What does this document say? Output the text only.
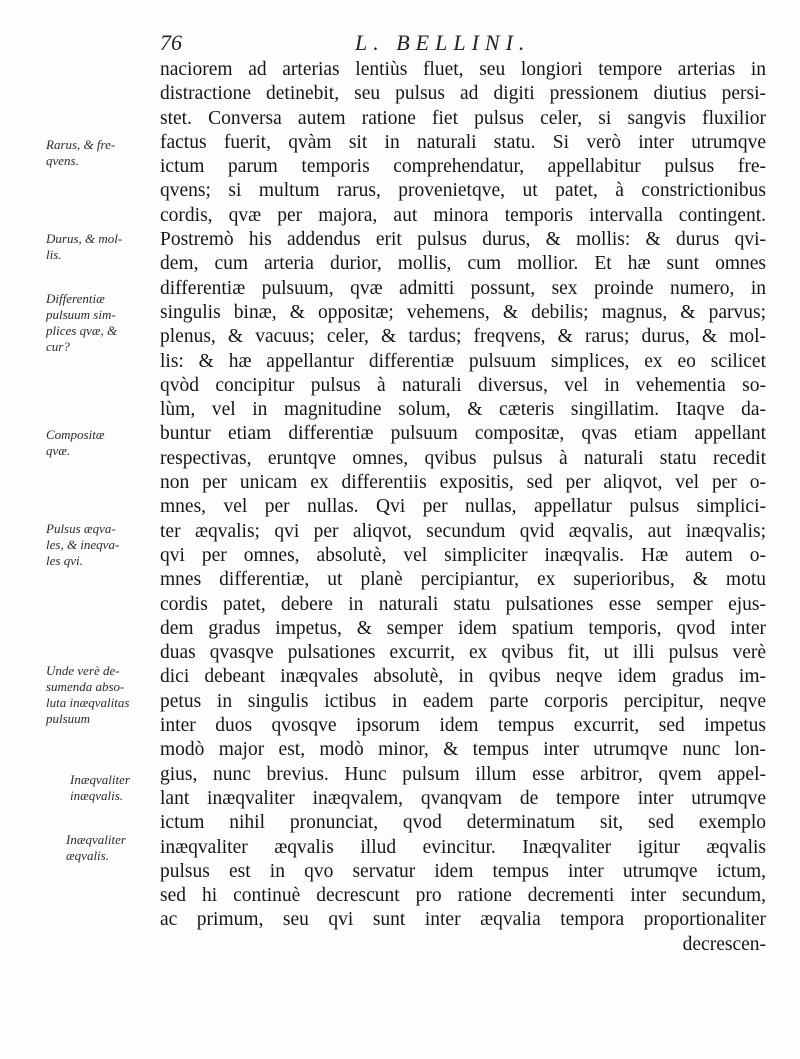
76	L. BELLINI.
naciorem ad arterias lentiùs fluet, seu longiori tempore arterias in
distractione detinebit, seu pulsus ad digiti pressionem diutius persi-
stet. Conversa autem ratione fiet pulsus celer, si sangvis fluxilior
factus fuerit, qvàm sit in naturali statu. Si verò inter utrumqve
ictum parum temporis comprehendatur, appellabitur pulsus fre-
qvens; si multum rarus, provenietqve, ut patet, à constrictionibus
cordis, qvæ per majora, aut minora temporis intervalla contingent.
Postremò his addendus erit pulsus durus, & mollis: & durus qvi-
dem, cum arteria durior, mollis, cum mollior. Et hæ sunt omnes
differentiæ pulsuum, qvæ admitti possunt, sex proinde numero, in
singulis binæ, & oppositæ; vehemens, & debilis; magnus, & parvus;
plenus, & vacuus; celer, & tardus; freqvens, & rarus; durus, & mol-
lis: & hæ appellantur differentiæ pulsuum simplices, ex eo scilicet
qvòd concipitur pulsus à naturali diversus, vel in vehementia so-
lùm, vel in magnitudine solum, & cæteris singillatim. Itaqve da-
buntur etiam differentiæ pulsuum compositæ, qvas etiam appellant
respectivas, eruntqve omnes, qvibus pulsus à naturali statu recedit
non per unicam ex differentiis expositis, sed per aliqvot, vel per o-
mnes, vel per nullas. Qvi per nullas, appellatur pulsus simplici-
ter æqvalis; qvi per aliqvot, secundum qvid æqvalis, aut inæqvalis;
qvi per omnes, absolutè, vel simpliciter inæqvalis. Hæ autem o-
mnes differentiæ, ut planè percipiantur, ex superioribus, & motu
cordis patet, debere in naturali statu pulsationes esse semper ejus-
dem gradus impetus, & semper idem spatium temporis, qvod inter
duas qvasqve pulsationes excurrit, ex qvibus fit, ut illi pulsus verè
dici debeant inæqvales absolutè, in qvibus neqve idem gradus im-
petus in singulis ictibus in eadem parte corporis percipitur, neqve
inter duos qvosqve ipsorum idem tempus excurrit, sed impetus
modò major est, modò minor, & tempus inter utrumqve nunc lon-
gius, nunc brevius. Hunc pulsum illum esse arbitror, qvem appel-
lant inæqvaliter inæqvalem, qvanqvam de tempore inter utrumqve
ictum nihil pronunciat, qvod determinatum sit, sed exemplo
inæqvaliter æqvalis illud evincitur. Inæqvaliter igitur æqvalis
pulsus est in qvo servatur idem tempus inter utrumqve ictum,
sed hi continuè decrescunt pro ratione decrementi inter secundum,
ac primum, seu qvi sunt inter æqvalia tempora proportionaliter
decrescen-
Rarus, & fre-
qvens.
Durus, & mol-
lis.
Differentiæ
pulsuum sim-
plices qvæ, &
cur?
Compositæ
qvæ.
Pulsus æqva-
les, & ineqva-
les qvi.
Unde verè de-
sumenda abso-
luta inæqvalitas
pulsuum
Inæqvaliter
inæqvalis.
Inæqvaliter
æqvalis.
